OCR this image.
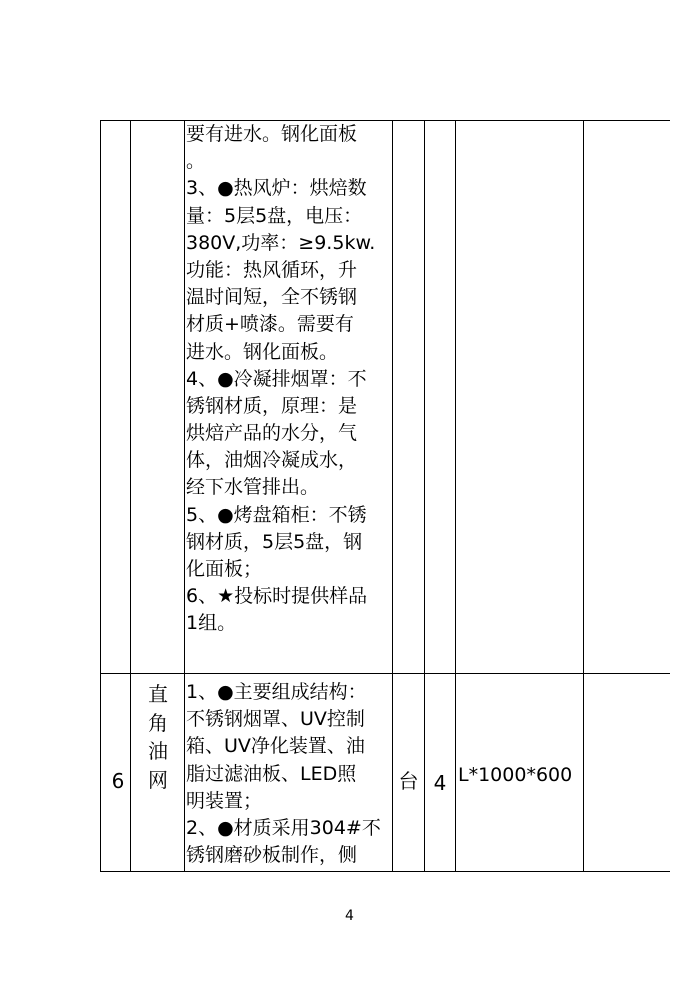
要有进水。钢化面板
。
3、●热风炉：烘焙数
量：5层5盘，电压：
380V,功率：≥9.5kw.
功能：热风循环，升
温时间短，全不锈钢
材质+喷漆。需要有
进水。钢化面板。
4、●冷凝排烟罩：不
锈钢材质，原理：是
烘焙产品的水分，气
体，油烟冷凝成水，
经下水管排出。
5、●烤盘箱柜：不锈
钢材质，5层5盘，钢
化面板；
6、★投标时提供样品
1组。
6
直
角
油
网
1、●主要组成结构：
不锈钢烟罩、UV控制
箱、UV净化装置、油
脂过滤油板、LED照
明装置；
2、●材质采用304#不
锈钢磨砂板制作，侧
台 4 L*1000*600
4
